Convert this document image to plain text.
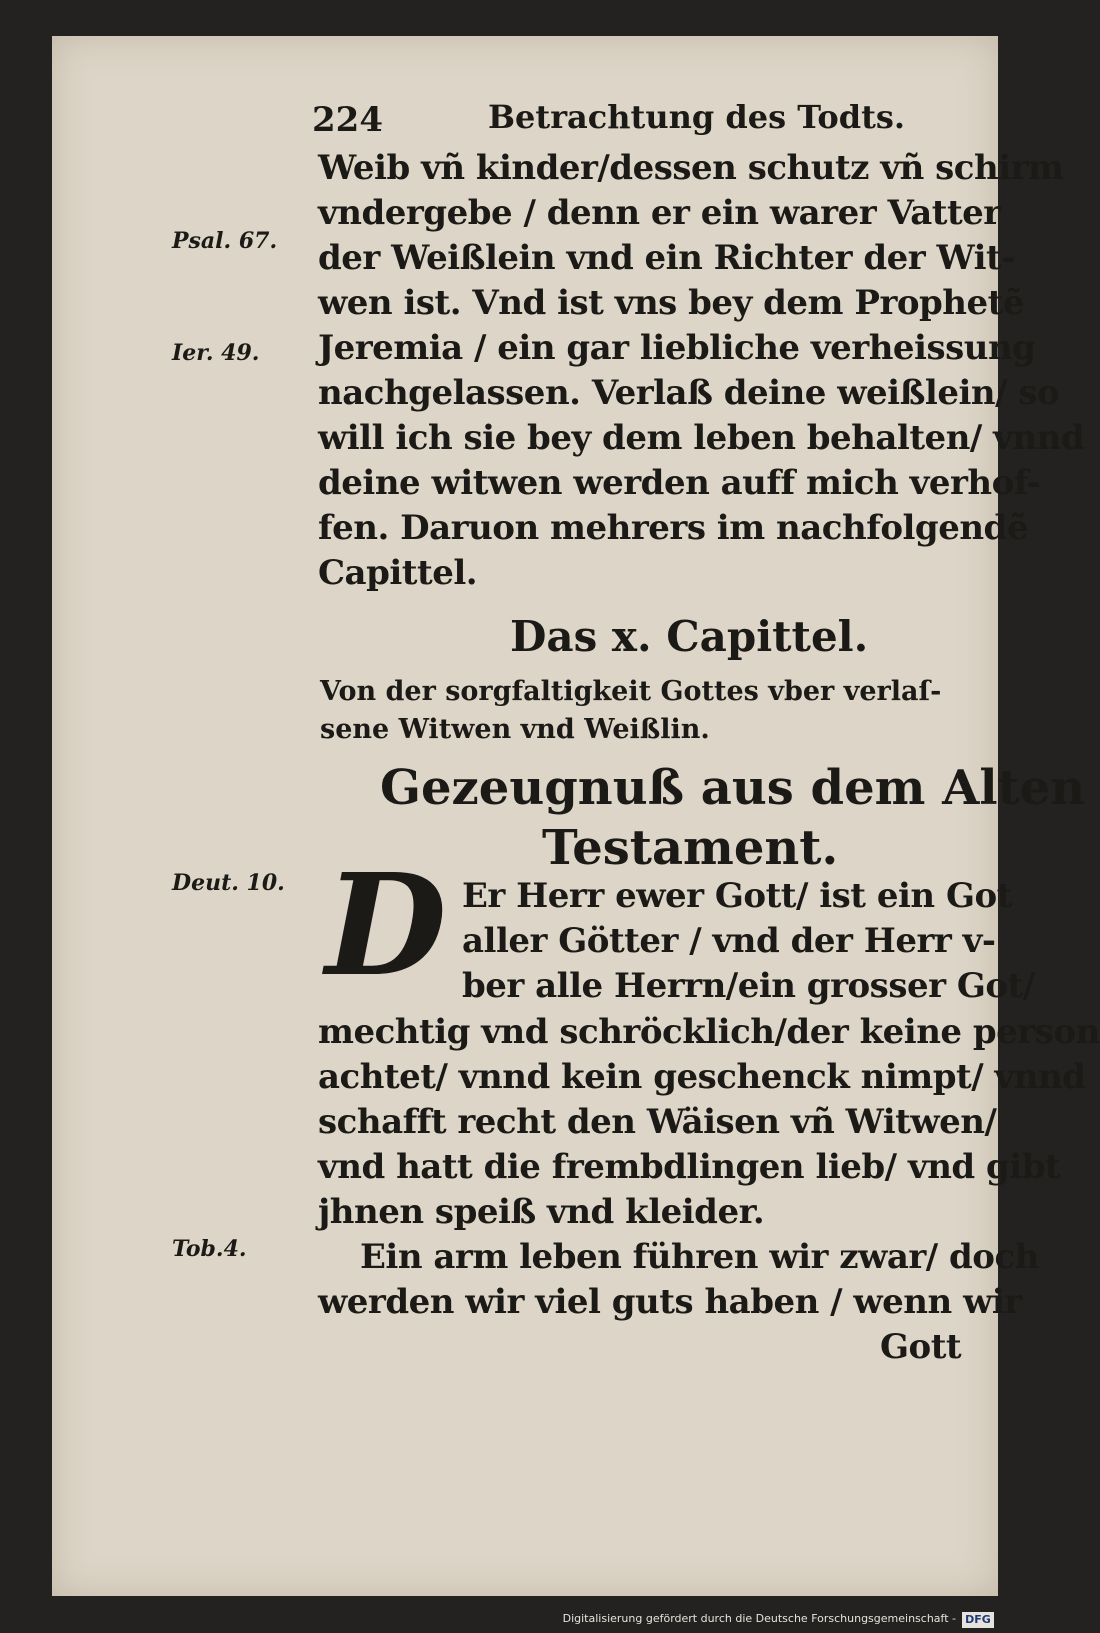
224	Betrachtung des Todts.
Psal. 67.
Ier. 49.
Deut. 10.
Tob.4.
Weib vñ kinder/dessen schutz vñ schirm
vndergebe / denn er ein warer Vatter
der Weißlein vnd ein Richter der Wit-
wen ist. Vnd ist vns bey dem Prophetẽ
Jeremia / ein gar liebliche verheissung
nachgelassen. Verlaß deine weißlein/ so
will ich sie bey dem leben behalten/ vnnd
deine witwen werden auff mich verhof-
fen. Daruon mehrers im nachfolgendẽ
Capittel.
Das x. Capittel.
Von der sorgfaltigkeit Gottes vber verlaſ-
sene Witwen vnd Weißlin.
Gezeugnuß aus dem Alten
Testament.
D Er Herr ewer Gott/ ist ein Got
aller Götter / vnd der Herr v-
ber alle Herrn/ein grosser Got/
mechtig vnd schröcklich/der keine person
achtet/ vnnd kein geschenck nimpt/ vnnd
schafft recht den Wäisen vñ Witwen/
vnd hatt die frembdlingen lieb/ vnd gibt
jhnen speiß vnd kleider.
Ein arm leben führen wir zwar/ doch
werden wir viel guts haben / wenn wir
Gott
Digitalisierung gefördert durch die Deutsche Forschungsgemeinschaft - DFG
